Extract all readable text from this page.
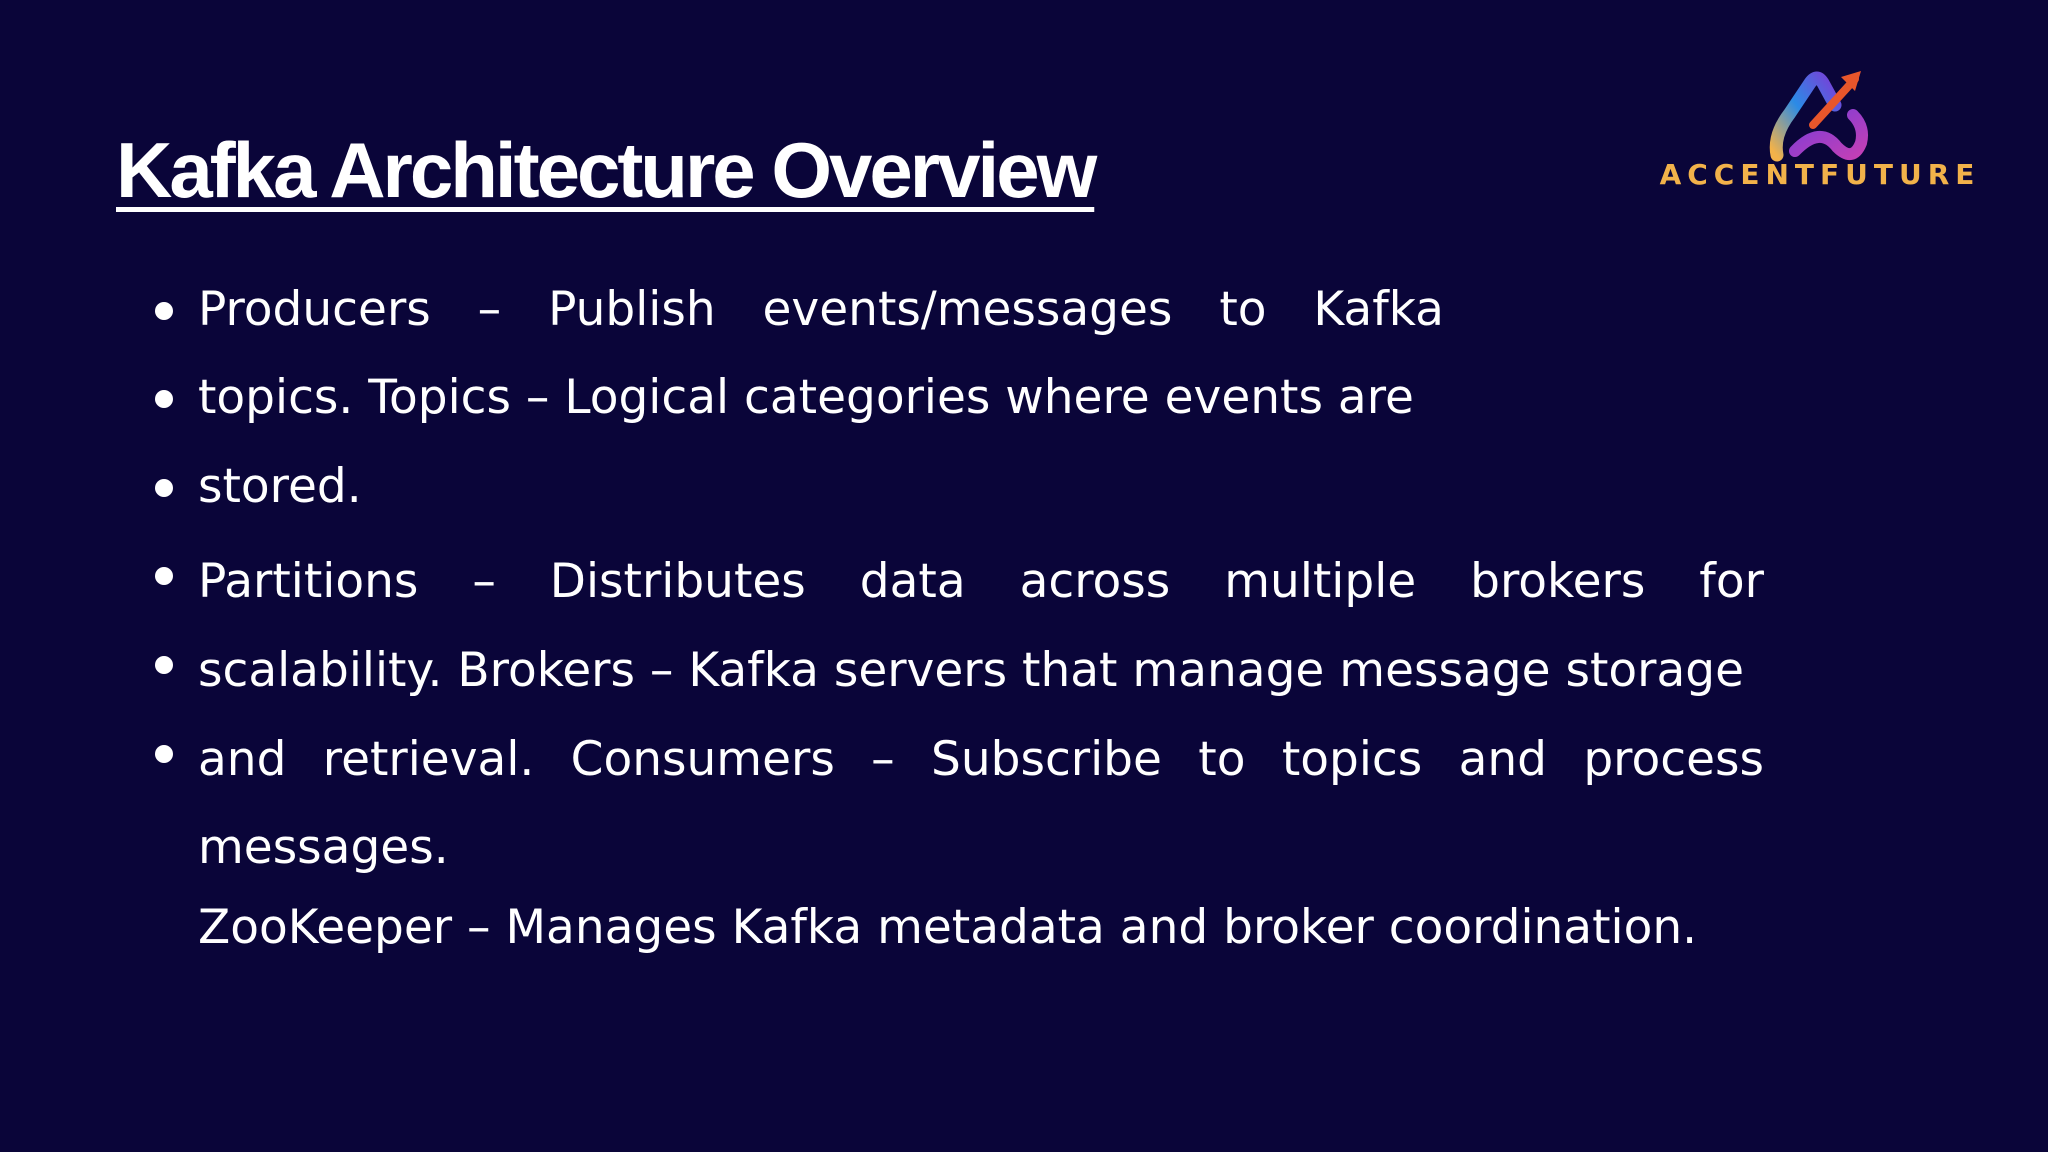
Kafka Architecture Overview	ACCENTFUTURE
Producers – Publish events/messages to Kafka
topics. Topics – Logical categories where events are
stored.
Partitions – Distributes data across multiple brokers for
scalability. Brokers – Kafka servers that manage message storage
and retrieval. Consumers – Subscribe to topics and process
messages.
ZooKeeper – Manages Kafka metadata and broker coordination.
